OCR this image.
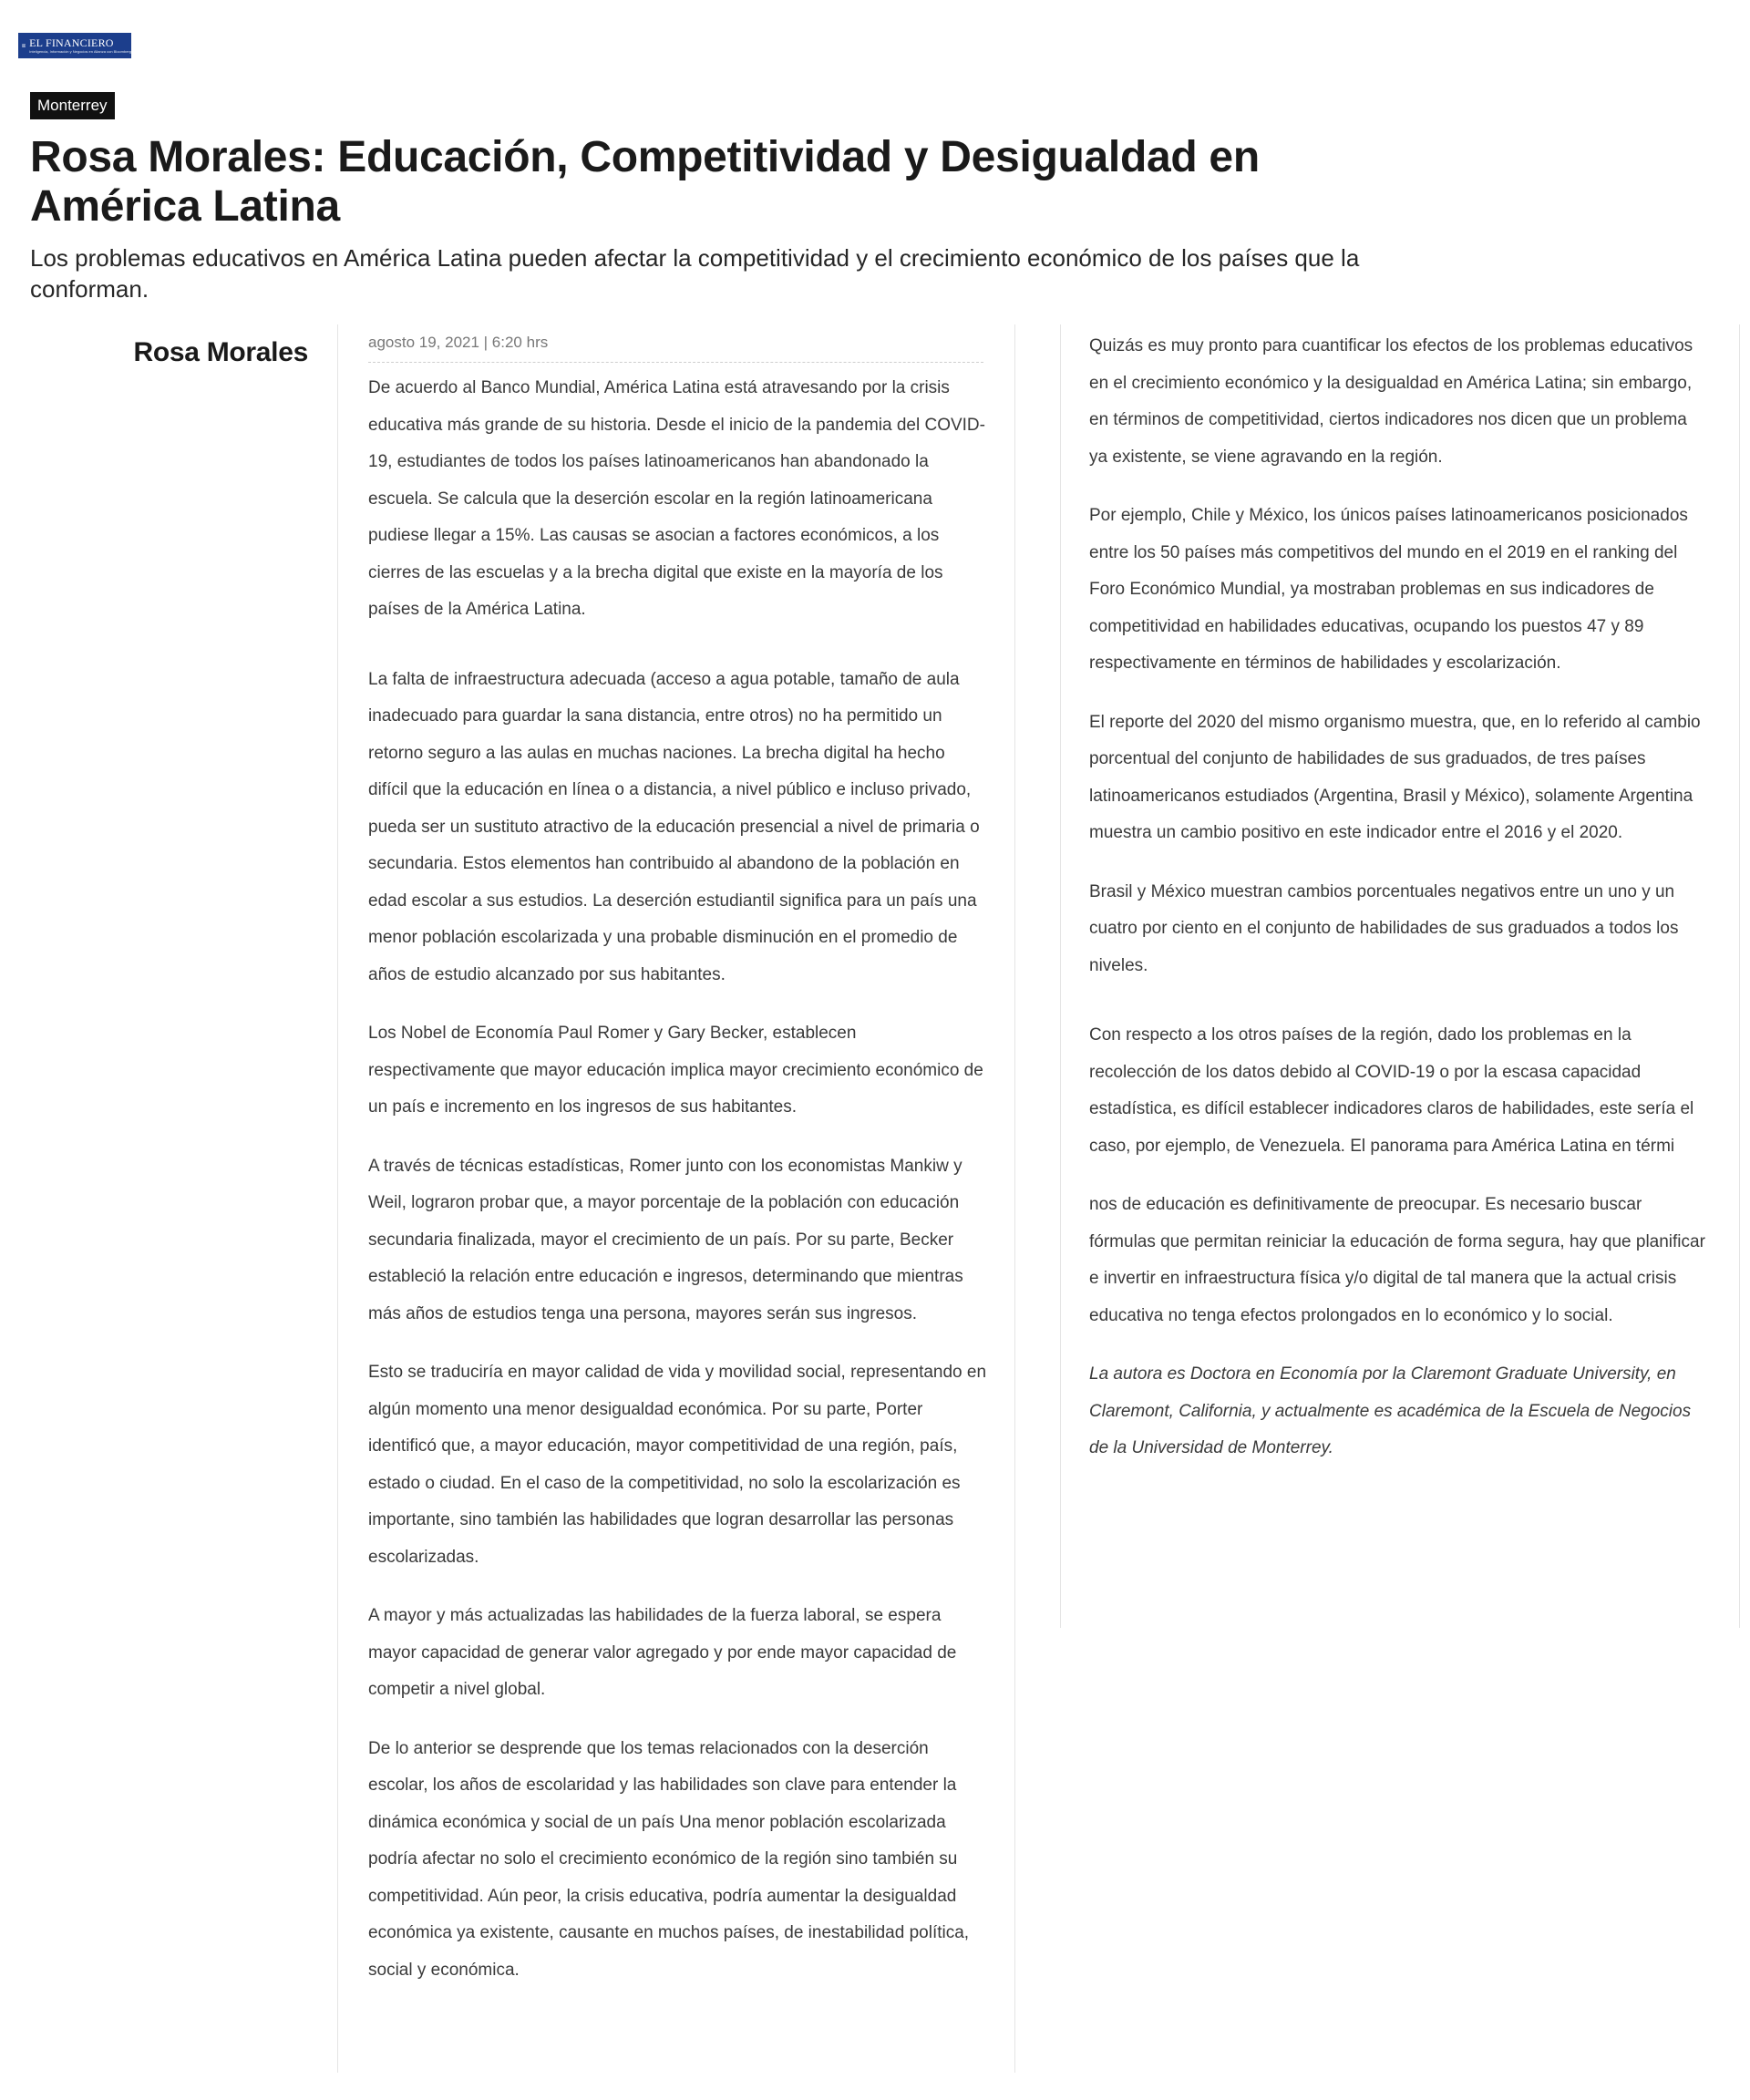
EL FINANCIERO
Inteligencia, Información y Negocios en Alianza con Bloomberg
Monterrey
Rosa Morales: Educación, Competitividad y Desigualdad en América Latina

Los problemas educativos en América Latina pueden afectar la competitividad y el crecimiento económico de los países que la conforman.

Rosa Morales	agosto 19, 2021 | 6:20 hrs

De acuerdo al Banco Mundial, América Latina está atravesando por la crisis educativa más grande de su historia. Desde el inicio de la pandemia del COVID-19, estudiantes de todos los países latinoamericanos han abandonado la escuela. Se calcula que la deserción escolar en la región latinoamericana pudiese llegar a 15%. Las causas se asocian a factores económicos, a los cierres de las escuelas y a la brecha digital que existe en la mayoría de los países de la América Latina.

La falta de infraestructura adecuada (acceso a agua potable, tamaño de aula inadecuado para guardar la sana distancia, entre otros) no ha permitido un retorno seguro a las aulas en muchas naciones. La brecha digital ha hecho difícil que la educación en línea o a distancia, a nivel público e incluso privado, pueda ser un sustituto atractivo de la educación presencial a nivel de primaria o secundaria. Estos elementos han contribuido al abandono de la población en edad escolar a sus estudios. La deserción estudiantil significa para un país una menor población escolarizada y una probable disminución en el promedio de años de estudio alcanzado por sus habitantes.

Los Nobel de Economía Paul Romer y Gary Becker, establecen respectivamente que mayor educación implica mayor crecimiento económico de un país e incremento en los ingresos de sus habitantes.

A través de técnicas estadísticas, Romer junto con los economistas Mankiw y Weil, lograron probar que, a mayor porcentaje de la población con educación secundaria finalizada, mayor el crecimiento de un país. Por su parte, Becker estableció la relación entre educación e ingresos, determinando que mientras más años de estudios tenga una persona, mayores serán sus ingresos.

Esto se traduciría en mayor calidad de vida y movilidad social, representando en algún momento una menor desigualdad económica. Por su parte, Porter identificó que, a mayor educación, mayor competitividad de una región, país, estado o ciudad. En el caso de la competitividad, no solo la escolarización es importante, sino también las habilidades que logran desarrollar las personas escolarizadas.

A mayor y más actualizadas las habilidades de la fuerza laboral, se espera mayor capacidad de generar valor agregado y por ende mayor capacidad de competir a nivel global.

De lo anterior se desprende que los temas relacionados con la deserción escolar, los años de escolaridad y las habilidades son clave para entender la dinámica económica y social de un país Una menor población escolarizada podría afectar no solo el crecimiento económico de la región sino también su competitividad. Aún peor, la crisis educativa, podría aumentar la desigualdad económica ya existente, causante en muchos países, de inestabilidad política, social y económica.

Quizás es muy pronto para cuantificar los efectos de los problemas educativos en el crecimiento económico y la desigualdad en América Latina; sin embargo, en términos de competitividad, ciertos indicadores nos dicen que un problema ya existente, se viene agravando en la región.

Por ejemplo, Chile y México, los únicos países latinoamericanos posicionados entre los 50 países más competitivos del mundo en el 2019 en el ranking del Foro Económico Mundial, ya mostraban problemas en sus indicadores de competitividad en habilidades educativas, ocupando los puestos 47 y 89 respectivamente en términos de habilidades y escolarización.

El reporte del 2020 del mismo organismo muestra, que, en lo referido al cambio porcentual del conjunto de habilidades de sus graduados, de tres países latinoamericanos estudiados (Argentina, Brasil y México), solamente Argentina muestra un cambio positivo en este indicador entre el 2016 y el 2020.

Brasil y México muestran cambios porcentuales negativos entre un uno y un cuatro por ciento en el conjunto de habilidades de sus graduados a todos los niveles.

Con respecto a los otros países de la región, dado los problemas en la recolección de los datos debido al COVID-19 o por la escasa capacidad estadística, es difícil establecer indicadores claros de habilidades, este sería el caso, por ejemplo, de Venezuela. El panorama para América Latina en térmi

nos de educación es definitivamente de preocupar. Es necesario buscar fórmulas que permitan reiniciar la educación de forma segura, hay que planificar e invertir en infraestructura física y/o digital de tal manera que la actual crisis educativa no tenga efectos prolongados en lo económico y lo social.

La autora es Doctora en Economía por la Claremont Graduate University, en Claremont, California, y actualmente es académica de la Escuela de Negocios de la Universidad de Monterrey.
